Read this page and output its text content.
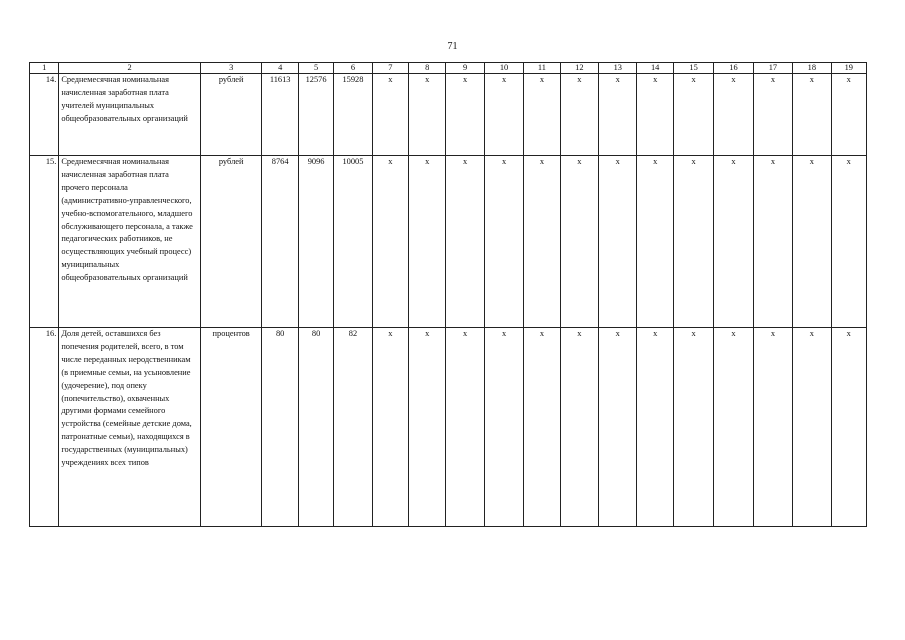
71
1	2	3	4	5	6	7	8	9	10	11	12	13	14	15	16	17	18	19
14.	Среднемесячная номинальная начисленная заработная плата учителей муниципальных общеобразовательных организаций	рублей	11613	12576	15928	x	x	x	x	x	x	x	x	x	x	x	x	x
15.	Среднемесячная номинальная начисленная заработная плата прочего персонала (административно-управленческого, учебно-вспомогательного, младшего обслуживающего персонала, а также педагогических работников, не осуществляющих учебный процесс) муниципальных общеобразовательных организаций	рублей	8764	9096	10005	x	x	x	x	x	x	x	x	x	x	x	x	x
16.	Доля детей, оставшихся без попечения родителей, всего, в том числе переданных неродственникам (в приемные семьи, на усыновление (удочерение), под опеку (попечительство), охваченных другими формами семейного устройства (семейные детские дома, патронатные семьи), находящихся в государственных (муниципальных) учреждениях всех типов	процентов	80	80	82	x	x	x	x	x	x	x	x	x	x	x	x	x
